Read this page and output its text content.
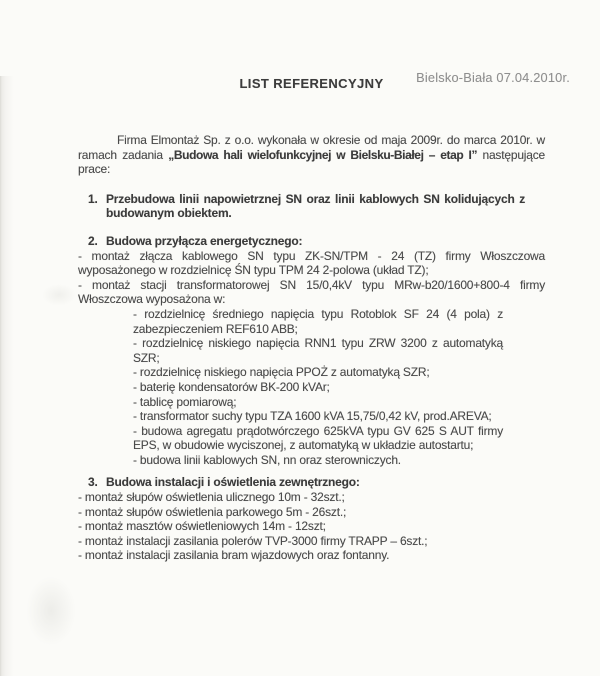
Bielsko-Biała 07.04.2010r.
LIST REFERENCYJNY

Firma Elmontaż Sp. z o.o. wykonała w okresie od maja 2009r. do marca 2010r. w ramach zadania „Budowa hali wielofunkcyjnej w Bielsku-Białej – etap I” następujące prace:

1. Przebudowa linii napowietrznej SN oraz linii kablowych SN kolidujących z budowanym obiektem.
2. Budowa przyłącza energetycznego:
- montaż złącza kablowego SN typu ZK-SN/TPM - 24 (TZ) firmy Włoszczowa wyposażonego w rozdzielnicę ŚN typu TPM 24 2-polowa (układ TZ);
- montaż stacji transformatorowej SN 15/0,4kV typu MRw-b20/1600+800-4 firmy Włoszczowa wyposażona w:
- rozdzielnicę średniego napięcia typu Rotoblok SF 24 (4 pola) z zabezpieczeniem REF610 ABB;
- rozdzielnicę niskiego napięcia RNN1 typu ZRW 3200 z automatyką SZR;
- rozdzielnicę niskiego napięcia PPOŻ z automatyką SZR;
- baterię kondensatorów BK-200 kVAr;
- tablicę pomiarową;
- transformator suchy typu TZA 1600 kVA 15,75/0,42 kV, prod.AREVA;
- budowa agregatu prądotwórczego 625kVA typu GV 625 S AUT firmy EPS, w obudowie wyciszonej, z automatyką w układzie autostartu;
- budowa linii kablowych SN, nn oraz sterowniczych.
3. Budowa instalacji i oświetlenia zewnętrznego:
- montaż słupów oświetlenia ulicznego 10m - 32szt.;
- montaż słupów oświetlenia parkowego 5m - 26szt.;
- montaż masztów oświetleniowych 14m - 12szt;
- montaż instalacji zasilania polerów TVP-3000 firmy TRAPP – 6szt.;
- montaż instalacji zasilania bram wjazdowych oraz fontanny.
